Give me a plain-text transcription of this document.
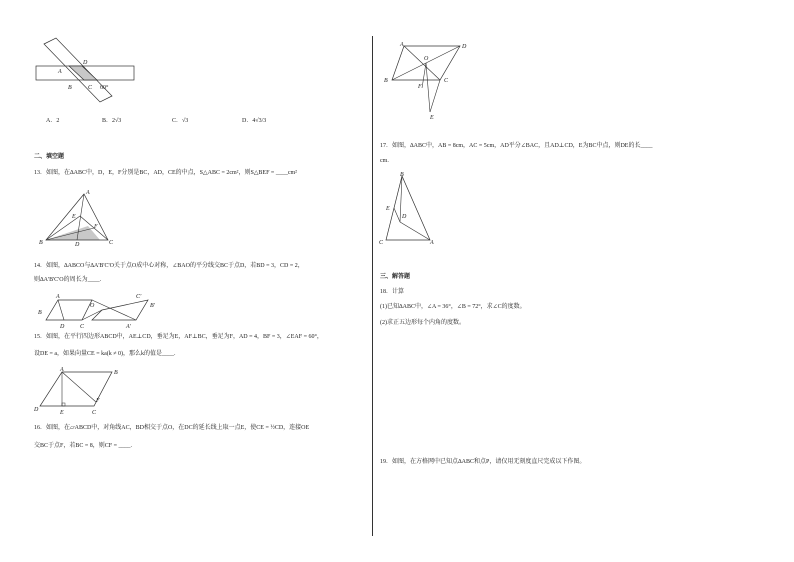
A
D
B	C 60°
A．2	B．2√3	C．√3	D．4√3/3
二、填空题
13．如图，在∆ABC中，D，E，F分别是BC，AD，CE的中点，S△ABC = 2cm²，则S△BEF = ____cm²
A
E
F
B	D	C
14．如图，∆ABCO与∆A'B'C'O关于点O成中心对称，∠BAO的平分线交BC于点D，若BD = 3，CD = 2，
则∆A'B'C'O的周长为____.
A
D
B
C
O
C'
B'
A'
15．如图，在平行四边形ABCD中，AE⊥CD，垂足为E，AF⊥BC，垂足为F，AD = 4，BF = 3，∠EAF = 60°，
设DE = a，如果向量CE = ka(k ≠ 0)，那么k的值是____.
A	B
D	E	C
F
16．如图，在▱ABCD中，对角线AC，BD相交于点O，在DC的延长线上取一点E，使CE = ½CD，连接OE
交BC于点F，若BC = 8，则CF = ____.
A	D
O
B	C
F
E
17．如图，∆ABC中，AB = 8cm，AC = 5cm，AD平分∠BAC，且AD⊥CD，E为BC中点，则DE的长____
cm.
B
E
D
C	A
三、解答题
18．计算
(1)已知∆ABC中，∠A = 36°，∠B = 72°，求∠C的度数。
(2)求正五边形每个内角的度数。
19．如图，在方格网中已知点∆ABC和点P，请仅用无刻度直尺完成以下作图。
